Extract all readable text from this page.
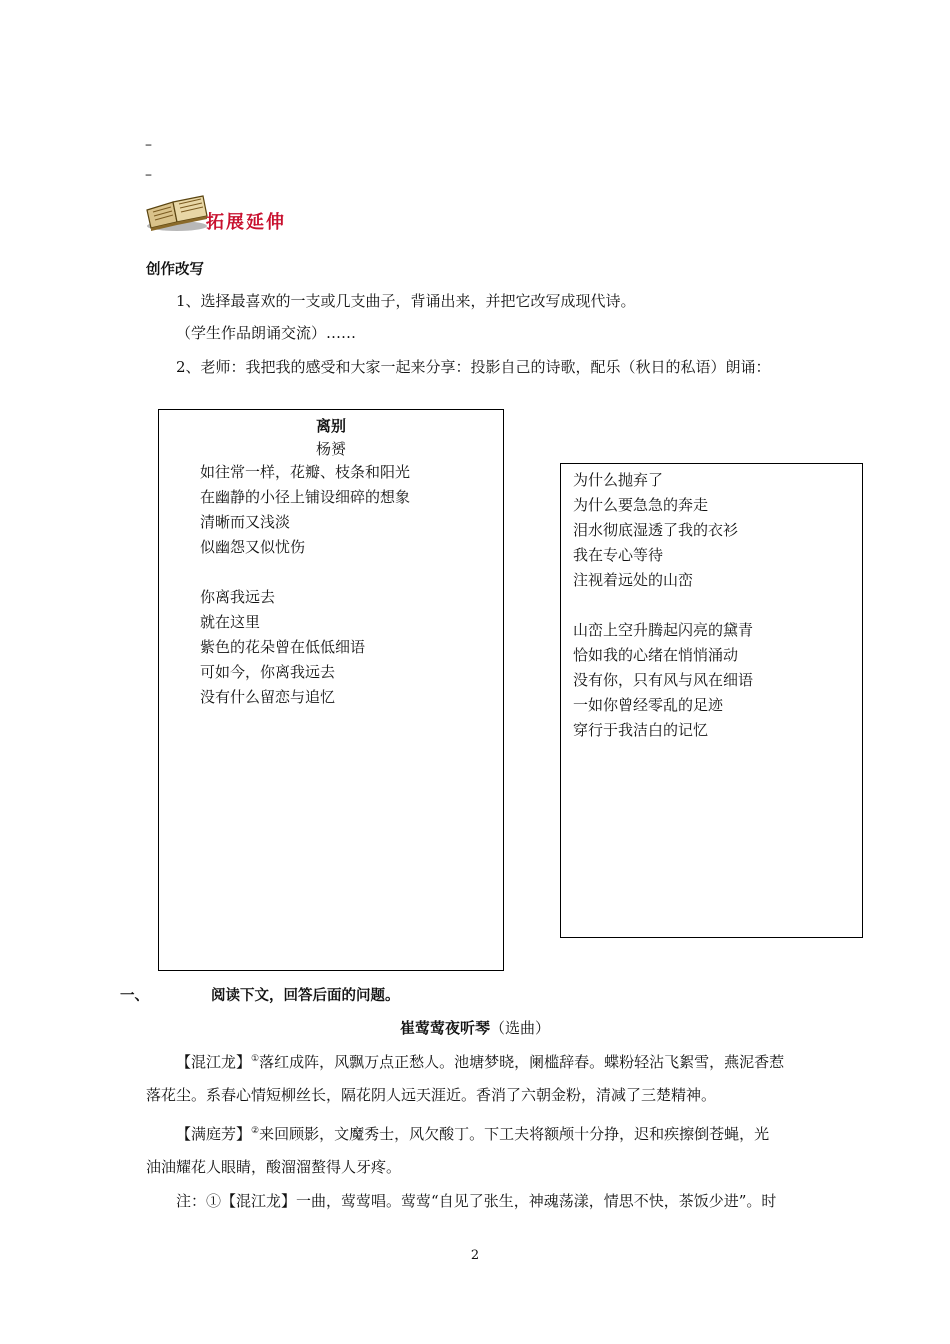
–
–
拓展延伸
创作改写
1、选择最喜欢的一支或几支曲子，背诵出来，并把它改写成现代诗。
（学生作品朗诵交流）……
2、老师：我把我的感受和大家一起来分享：投影自己的诗歌，配乐（秋日的私语）朗诵：
离别
杨赟
如往常一样，花瓣、枝条和阳光
在幽静的小径上铺设细碎的想象
清晰而又浅淡
似幽怨又似忧伤
你离我远去
就在这里
紫色的花朵曾在低低细语
可如今，你离我远去
没有什么留恋与追忆
为什么抛弃了
为什么要急急的奔走
泪水彻底湿透了我的衣衫
我在专心等待
注视着远处的山峦
山峦上空升腾起闪亮的黛青
恰如我的心绪在悄悄涌动
没有你，只有风与风在细语
一如你曾经零乱的足迹
穿行于我洁白的记忆
一、	阅读下文，回答后面的问题。
崔莺莺夜听琴（选曲）
【混江龙】①落红成阵，风飘万点正愁人。池塘梦晓，阑槛辞春。蝶粉轻沾飞絮雪，燕泥香惹
落花尘。系春心情短柳丝长，隔花阴人远天涯近。香消了六朝金粉，清减了三楚精神。
【满庭芳】②来回顾影，文魔秀士，风欠酸丁。下工夫将额颅十分挣，迟和疾擦倒苍蝇，光
油油耀花人眼睛，酸溜溜螯得人牙疼。
注：①【混江龙】一曲，莺莺唱。莺莺“自见了张生，神魂荡漾，情思不快，茶饭少进”。时
2
